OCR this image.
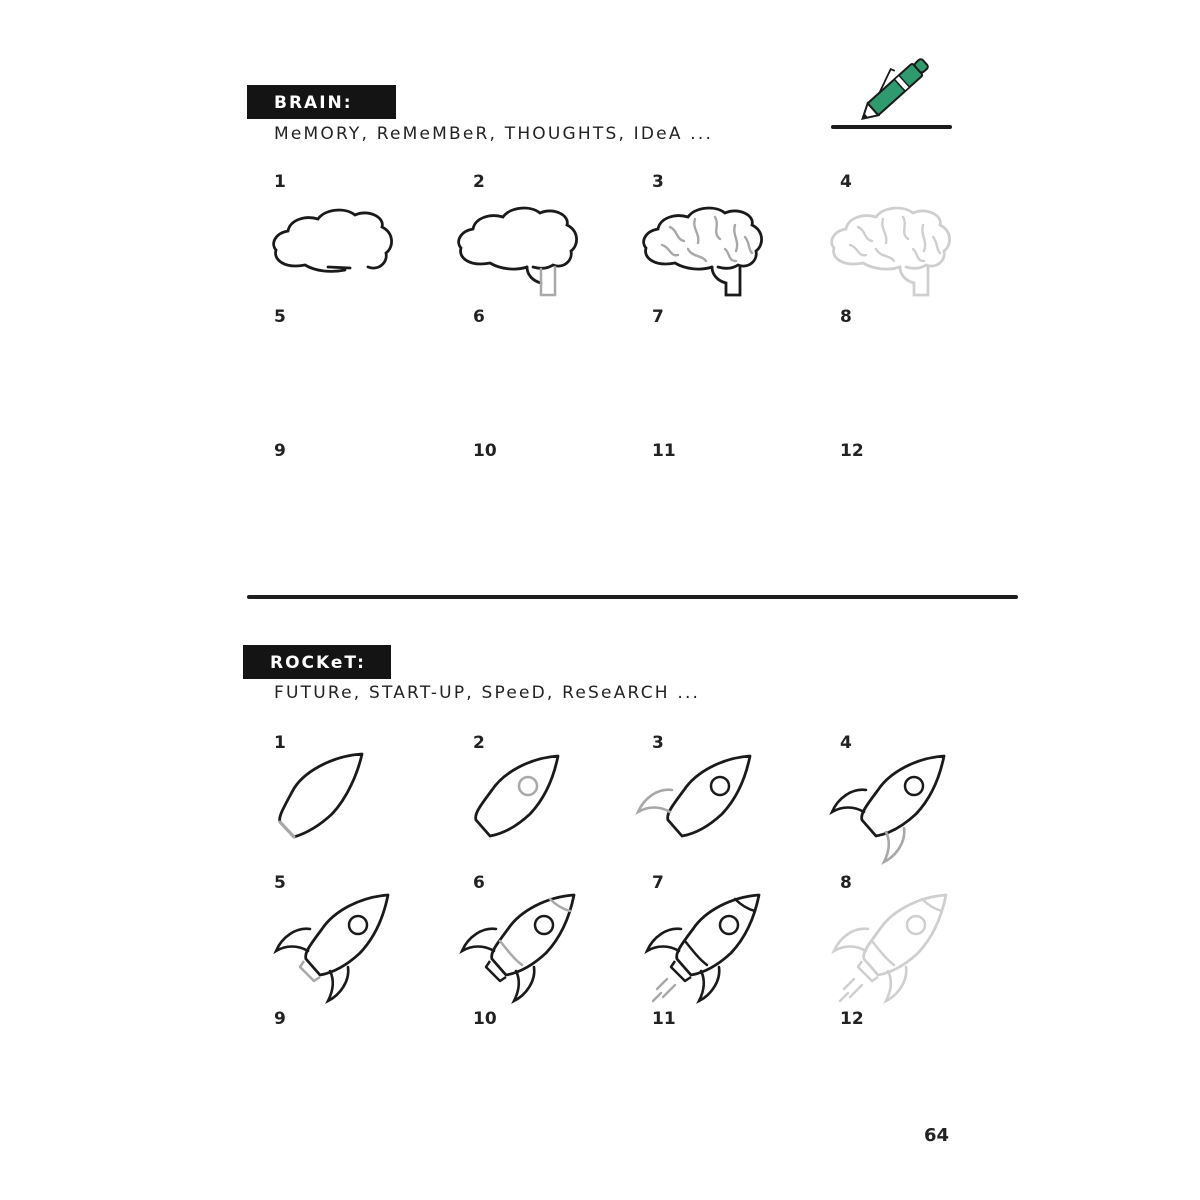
BRAIN:
MeMORY, ReMeMBeR, THOUGHTS, IDeA ...
1	2	3	4
5	6	7	8
9	10	11	12
ROCKeT:
FUTURe, START-UP, SPeeD, ReSeARCH ...
1	2	3	4
5	6	7	8
9	10	11	12
64
